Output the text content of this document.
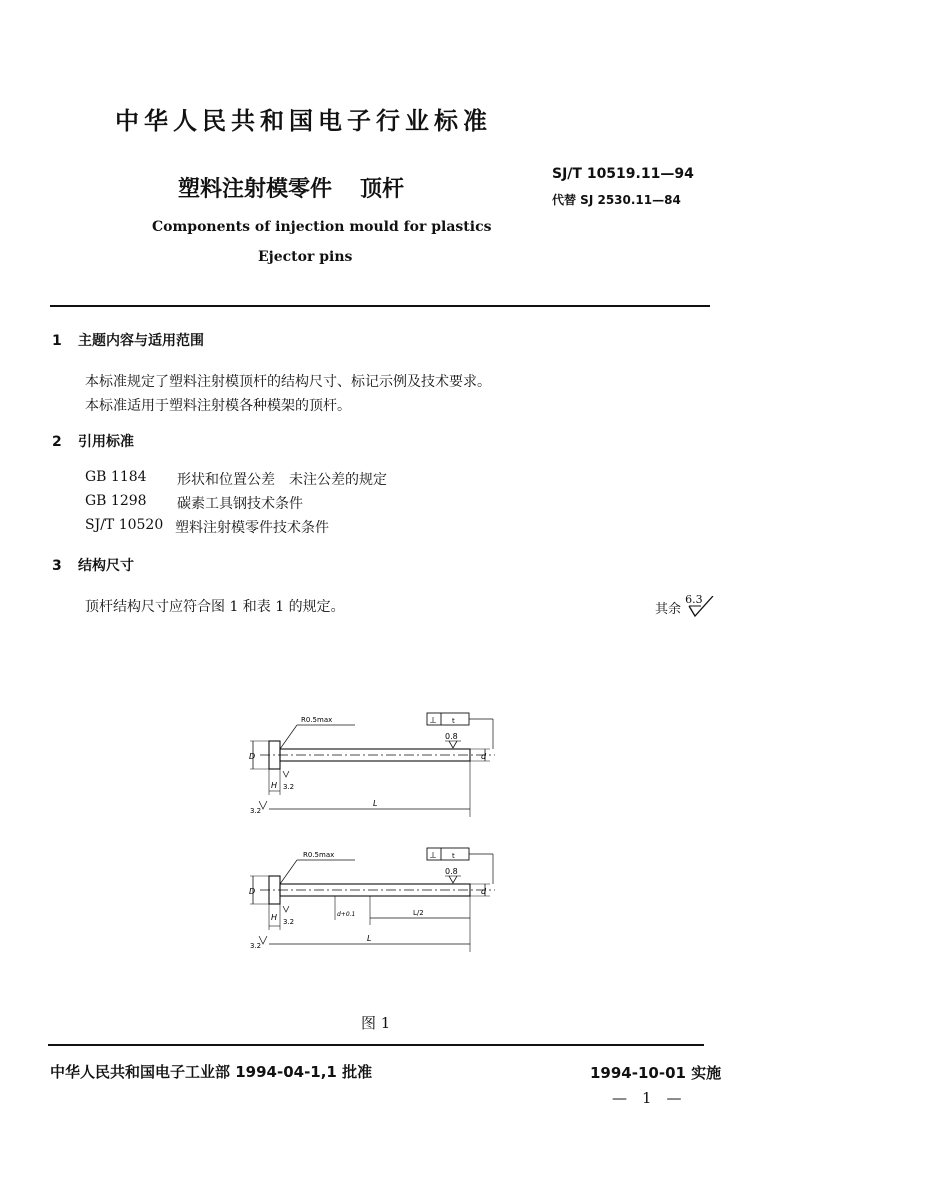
中华人民共和国电子行业标准
塑料注射模零件 顶杆
SJ/T 10519.11—94
代替 SJ 2530.11—84
Components of injection mould for plastics
Ejector pins
1 主题内容与适用范围
本标准规定了塑料注射模顶杆的结构尺寸、标记示例及技术要求。
本标准适用于塑料注射模各种模架的顶杆。
2 引用标准
GB 1184 形状和位置公差　未注公差的规定
GB 1298 碳素工具钢技术条件
SJ/T 10520 塑料注射模零件技术条件
3 结构尺寸
顶杆结构尺寸应符合图 1 和表 1 的规定。	其余 6.3
R0.5max	⟂ t
0.8
D	d
H 3.2
L
3.2
R0.5max	⟂ t
0.8
D	d
H 3.2
d+0.1	L/2
L
3.2
图 1
中华人民共和国电子工业部 1994-04-1,1 批准	1994-10-01 实施
—　1　—
